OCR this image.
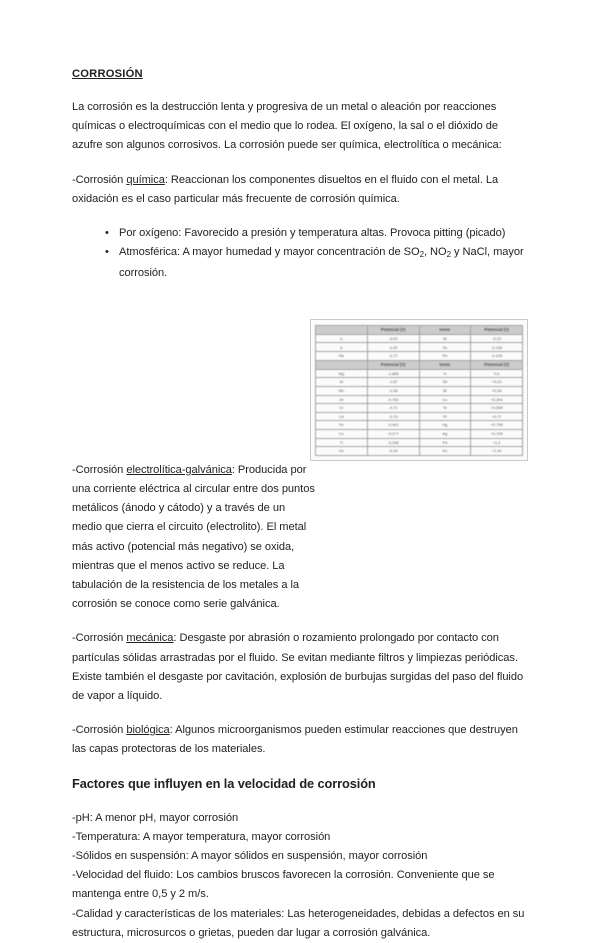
CORROSIÓN

La corrosión es la destrucción lenta y progresiva de un metal o aleación por reacciones químicas o electroquímicas con el medio que lo rodea. El oxígeno, la sal o el dióxido de azufre son algunos corrosivos. La corrosión puede ser química, electrolítica o mecánica:

-Corrosión química: Reaccionan los componentes disueltos en el fluido con el metal. La oxidación es el caso particular más frecuente de corrosión química.

• Por oxígeno: Favorecido a presión y temperatura altas. Provoca pitting (picado)
• Atmosférica: A mayor humedad y mayor concentración de $SO_2$, $NO_2$ y NaCl, mayor corrosión.
	Potencial (V)	Iones	Potencial (V)
Li	-3,02	Ni	-0,23
K	-2,92	Sn	-0,136
Na	-2,71	Pb	-0,126
	Potencial (V)	Iones	Potencial (V)
Mg	-1,866	H	0,0
Al	-1,67	Sb	+0,10
Mn	-1,06	Bi	+0,28
Zn	-0,762	Cu	+0,344
Cr	-0,71	Te	+0,558
Cd	-0,70	Pt	+0,77
Fe	-0,441	Hg	+0,798
Co	-0,277	Ag	+0,799
Tl	-0,336	Pd	+1,2
Ce	-0,34	Au	+1,42

-Corrosión electrolítica-galvánica: Producida por una corriente eléctrica al circular entre dos puntos metálicos (ánodo y cátodo) y a través de un medio que cierra el circuito (electrolito). El metal más activo (potencial más negativo) se oxida, mientras que el menos activo se reduce. La tabulación de la resistencia de los metales a la corrosión se conoce como serie galvánica.

-Corrosión mecánica: Desgaste por abrasión o rozamiento prolongado por contacto con partículas sólidas arrastradas por el fluido. Se evitan mediante filtros y limpiezas periódicas. Existe también el desgaste por cavitación, explosión de burbujas surgidas del paso del fluido de vapor a líquido.

-Corrosión biológica: Algunos microorganismos pueden estimular reacciones que destruyen las capas protectoras de los materiales.

Factores que influyen en la velocidad de corrosión
-pH: A menor pH, mayor corrosión
-Temperatura: A mayor temperatura, mayor corrosión
-Sólidos en suspensión: A mayor sólidos en suspensión, mayor corrosión
-Velocidad del fluido: Los cambios bruscos favorecen la corrosión. Conveniente que se mantenga entre 0,5 y 2 m/s.
-Calidad y características de los materiales: Las heterogeneidades, debidas a defectos en su estructura, microsurcos o grietas, pueden dar lugar a corrosión galvánica.
